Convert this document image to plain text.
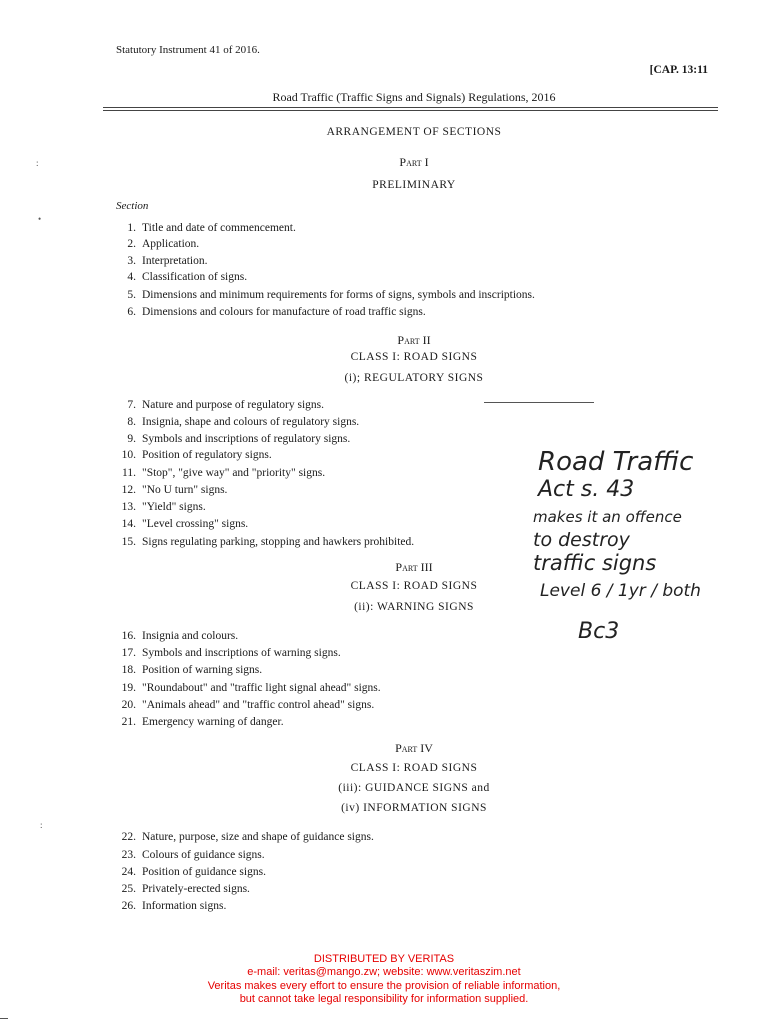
Statutory Instrument 41 of 2016.
[CAP. 13:11
Road Traffic (Traffic Signs and Signals) Regulations, 2016
ARRANGEMENT OF SECTIONS
Part I
PRELIMINARY
Section
1. Title and date of commencement.
2. Application.
3. Interpretation.
4. Classification of signs.
5. Dimensions and minimum requirements for forms of signs, symbols and inscriptions.
6. Dimensions and colours for manufacture of road traffic signs.
Part II
CLASS I: ROAD SIGNS
(i); REGULATORY SIGNS
7. Nature and purpose of regulatory signs.
8. Insignia, shape and colours of regulatory signs.
9. Symbols and inscriptions of regulatory signs.
10. Position of regulatory signs.
11. "Stop", "give way" and "priority" signs.
12. "No U turn" signs.
13. "Yield" signs.
14. "Level crossing" signs.
15. Signs regulating parking, stopping and hawkers prohibited.
Part III
CLASS I: ROAD SIGNS
(ii): WARNING SIGNS
16. Insignia and colours.
17. Symbols and inscriptions of warning signs.
18. Position of warning signs.
19. "Roundabout" and "traffic light signal ahead" signs.
20. "Animals ahead" and "traffic control ahead" signs.
21. Emergency warning of danger.
Part IV
CLASS I: ROAD SIGNS
(iii): GUIDANCE SIGNS and
(iv) INFORMATION SIGNS
22. Nature, purpose, size and shape of guidance signs.
23. Colours of guidance signs.
24. Position of guidance signs.
25. Privately-erected signs.
26. Information signs.
:
•
:
Road Traffic
Act s. 43
makes it an offence
to destroy
traffic signs
Level 6 / 1yr / both
Bc3
DISTRIBUTED BY VERITAS
e-mail: veritas@mango.zw; website: www.veritaszim.net
Veritas makes every effort to ensure the provision of reliable information,
but cannot take legal responsibility for information supplied.
